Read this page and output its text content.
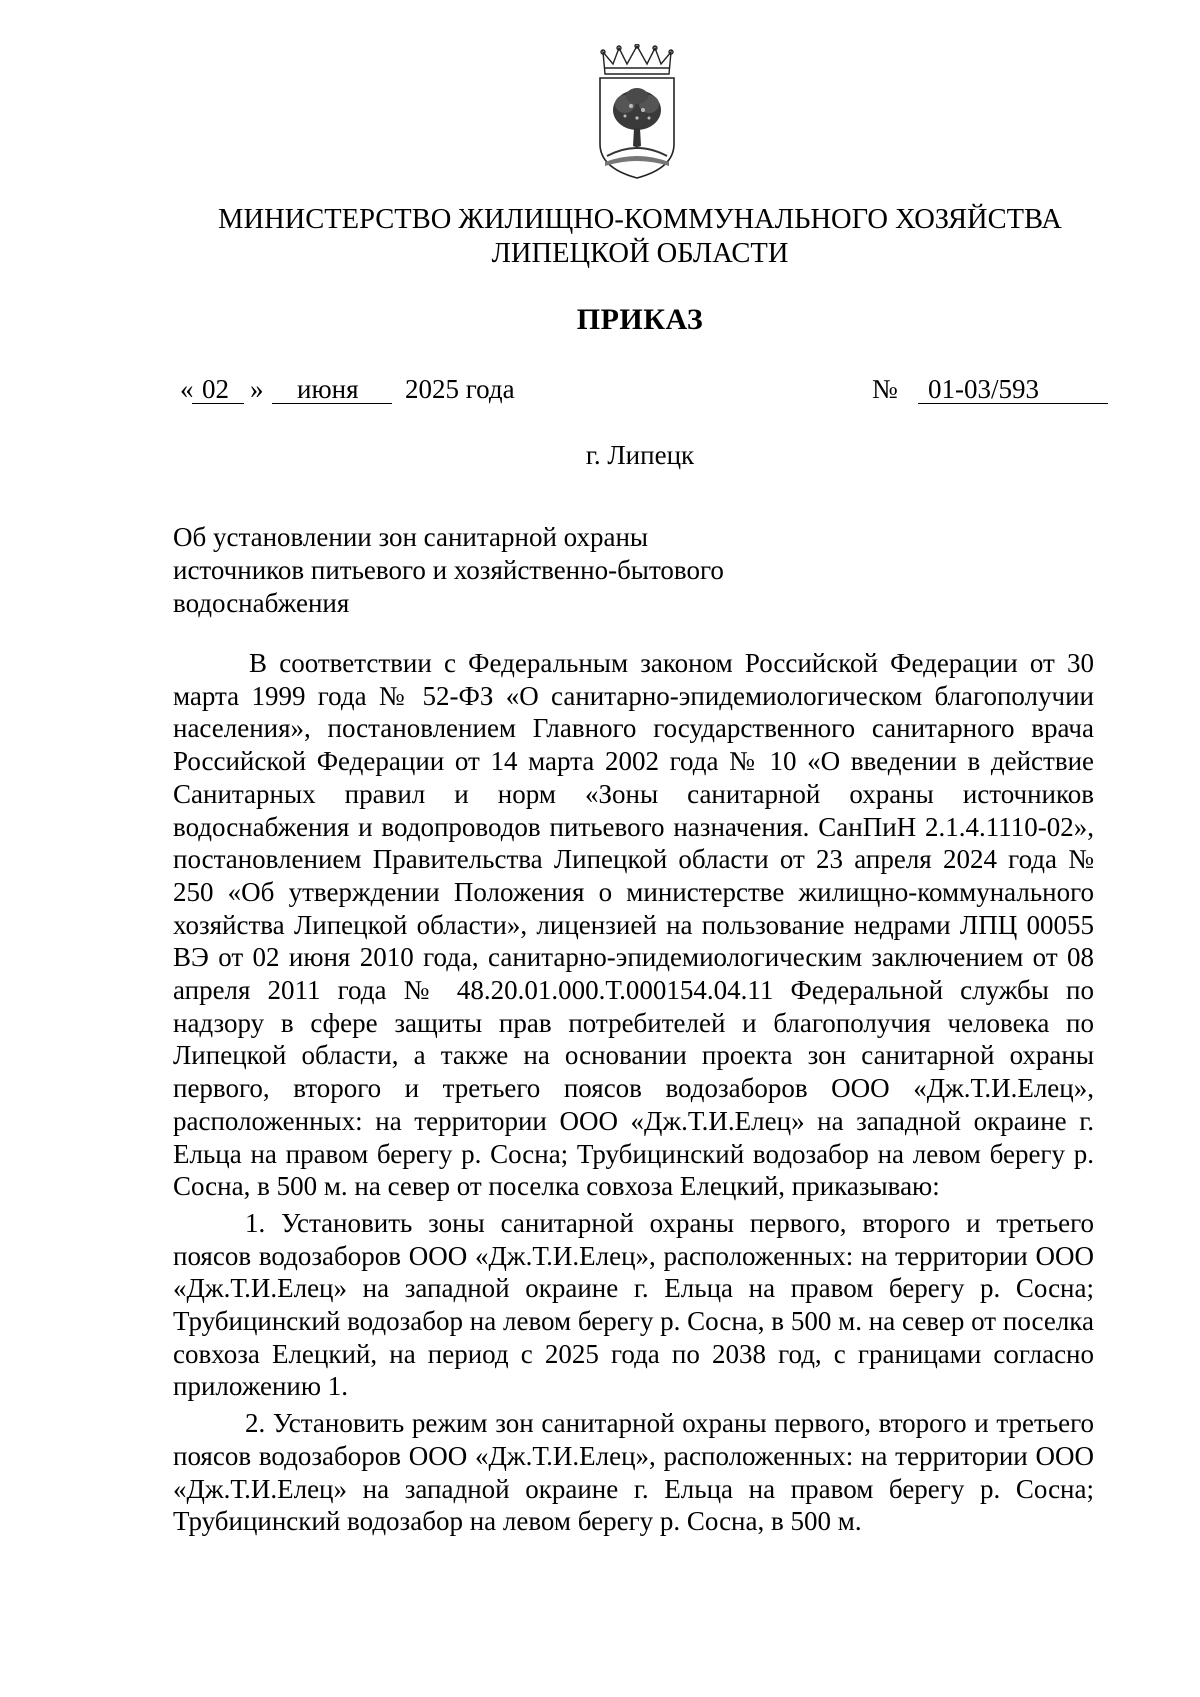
МИНИСТЕРСТВО ЖИЛИЩНО-КОММУНАЛЬНОГО ХОЗЯЙСТВА
ЛИПЕЦКОЙ ОБЛАСТИ
ПРИКАЗ
« 02 » июня 2025 года	№ 01-03/593
г. Липецк
Об установлении зон санитарной охраны
источников питьевого и хозяйственно-бытового
водоснабжения

В соответствии с Федеральным законом Российской Федерации от 30 марта 1999 года № 52-ФЗ «О санитарно-эпидемиологическом благополучии населения», постановлением Главного государственного санитарного врача Российской Федерации от 14 марта 2002 года № 10 «О введении в действие Санитарных правил и норм «Зоны санитарной охраны источников водоснабжения и водопроводов питьевого назначения. СанПиН 2.1.4.1110-02», постановлением Правительства Липецкой области от 23 апреля 2024 года № 250 «Об утверждении Положения о министерстве жилищно-коммунального хозяйства Липецкой области», лицензией на пользование недрами ЛПЦ 00055 ВЭ от 02 июня 2010 года, санитарно-эпидемиологическим заключением от 08 апреля 2011 года № 48.20.01.000.Т.000154.04.11 Федеральной службы по надзору в сфере защиты прав потребителей и благополучия человека по Липецкой области, а также на основании проекта зон санитарной охраны первого, второго и третьего поясов водозаборов ООО «Дж.Т.И.Елец», расположенных: на территории ООО «Дж.Т.И.Елец» на западной окраине г. Ельца на правом берегу р. Сосна; Трубицинский водозабор на левом берегу р. Сосна, в 500 м. на север от поселка совхоза Елецкий, приказываю:

1. Установить зоны санитарной охраны первого, второго и третьего поясов водозаборов ООО «Дж.Т.И.Елец», расположенных: на территории ООО «Дж.Т.И.Елец» на западной окраине г. Ельца на правом берегу р. Сосна; Трубицинский водозабор на левом берегу р. Сосна, в 500 м. на север от поселка совхоза Елецкий, на период с 2025 года по 2038 год, с границами согласно приложению 1.

2. Установить режим зон санитарной охраны первого, второго и третьего поясов водозаборов ООО «Дж.Т.И.Елец», расположенных: на территории ООО «Дж.Т.И.Елец» на западной окраине г. Ельца на правом берегу р. Сосна; Трубицинский водозабор на левом берегу р. Сосна, в 500 м.
